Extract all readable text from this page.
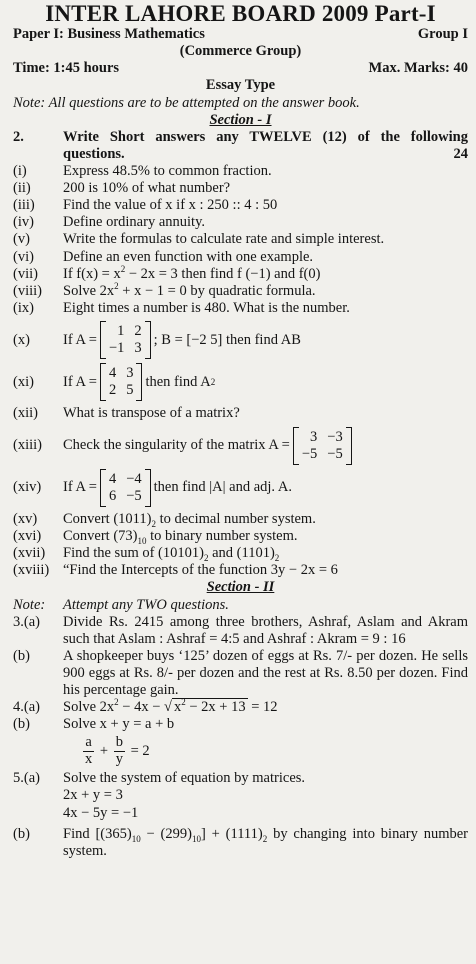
INTER LAHORE BOARD 2009 Part-I
Paper I: Business Mathematics	Group I
(Commerce Group)
Time: 1:45 hours	Max. Marks: 40
Essay Type
Note: All questions are to be attempted on the answer book.
Section - I
2.	Write Short answers any TWELVE (12) of the following questions.	24
(i)	Express 48.5% to common fraction.
(ii)	200 is 10% of what number?
(iii)	Find the value of x if x : 250 :: 4 : 50
(iv)	Define ordinary annuity.
(v)	Write the formulas to calculate rate and simple interest.
(vi)	Define an even function with one example.
(vii)	If $f(x) = x^2 - 2x = 3$ then find f (−1) and f(0)
(viii)	Solve $2x^2 + x - 1 = 0$ by quadratic formula.
(ix)	Eight times a number is 480. What is the number.
(x)	If A =
1 2
−1 3
; B = [−2 5] then find AB
(xi)	If A =
4 3
2 5
then find A 2
(xii)	What is transpose of a matrix?
(xiii)	Check the singularity of the matrix A =
3 −3
−5 −5
(xiv)	If A =
4 −4
6 −5
then find |A| and adj. A.
(xv)	Convert $(1011)_2$ to decimal number system.
(xvi)	Convert $(73)_{10}$ to binary number system.
(xvii)	Find the sum of $(10101)_2$ and $(1101)_2$
(xviii) “Find the Intercepts of the function 3y − 2x = 6
Section - II
Note:	Attempt any TWO questions.
3.(a)	Divide Rs. 2415 among three brothers, Ashraf, Aslam and Akram such that Aslam : Ashraf = 4:5 and Ashraf : Akram = 9 : 16
(b)	A shopkeeper buys ‘125’ dozen of eggs at Rs. 7/- per dozen. He sells 900 eggs at Rs. 8/- per dozen and the rest at Rs. 8.50 per dozen. Find his percentage gain.
4.(a)	Solve $2x^2 - 4x$ − √ $x^2 - 2x + 13 = 12$
(b)	Solve x + y = a + b
$\frac{a}{x} + \frac{b}{y} = 2$
5.(a)	Solve the system of equation by matrices.
2x + y = 3
4x − 5y = −1
(b)	Find $[(365)_{10} - (299)_{10}] + (1111)_2$ by changing into binary number system.
